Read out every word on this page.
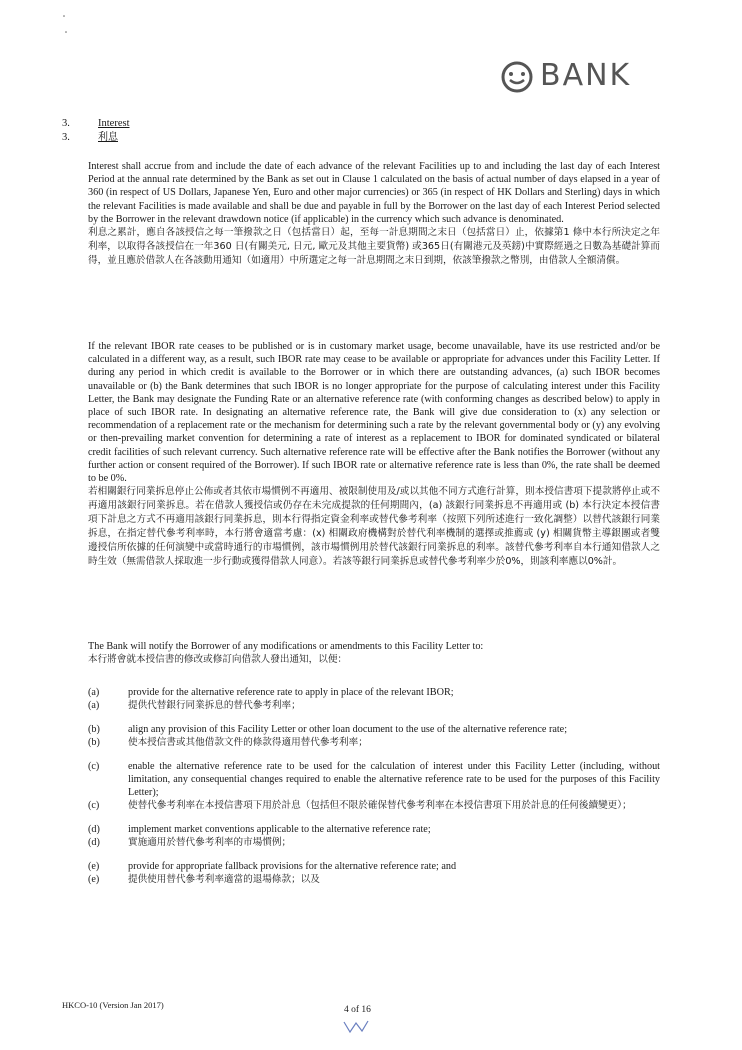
BANK
3.	Interest
3.	利息

Interest shall accrue from and include the date of each advance of the relevant Facilities up to and including the last day of each Interest Period at the annual rate determined by the Bank as set out in Clause 1 calculated on the basis of actual number of days elapsed in a year of 360 (in respect of US Dollars, Japanese Yen, Euro and other major currencies) or 365 (in respect of HK Dollars and Sterling) days in which the relevant Facilities is made available and shall be due and payable in full by the Borrower on the last day of each Interest Period selected by the Borrower in the relevant drawdown notice (if applicable) in the currency which such advance is denominated.

利息之累計，應自各該授信之每一筆撥款之日（包括當日）起，至每一計息期間之末日（包括當日）止，依據第1 條中本行所決定之年利率，以取得各該授信在一年360 日(有關美元, 日元, 歐元及其他主要貨幣) 或365日(有關港元及英鎊)中實際經過之日數為基礎計算而得，並且應於借款人在各該動用通知（如適用）中所選定之每一計息期間之末日到期，依該筆撥款之幣別，由借款人全額清償。

If the relevant IBOR rate ceases to be published or is in customary market usage, become unavailable, have its use restricted and/or be calculated in a different way, as a result, such IBOR rate may cease to be available or appropriate for advances under this Facility Letter. If during any period in which credit is available to the Borrower or in which there are outstanding advances, (a) such IBOR becomes unavailable or (b) the Bank determines that such IBOR is no longer appropriate for the purpose of calculating interest under this Facility Letter, the Bank may designate the Funding Rate or an alternative reference rate (with conforming changes as described below) to apply in place of such IBOR rate. In designating an alternative reference rate, the Bank will give due consideration to (x) any selection or recommendation of a replacement rate or the mechanism for determining such a rate by the relevant governmental body or (y) any evolving or then-prevailing market convention for determining a rate of interest as a replacement to IBOR for dominated syndicated or bilateral credit facilities of such relevant currency. Such alternative reference rate will be effective after the Bank notifies the Borrower (without any further action or consent required of the Borrower). If such IBOR rate or alternative reference rate is less than 0%, the rate shall be deemed to be 0%.

若相關銀行同業拆息停止公佈或者其依市場慣例不再適用、被限制使用及/或以其他不同方式進行計算，則本授信書項下提款將停止或不再適用該銀行同業拆息。若在借款人獲授信或仍存在未完成提款的任何期間內，(a) 該銀行同業拆息不再適用或 (b) 本行決定本授信書項下計息之方式不再適用該銀行同業拆息，則本行得指定資金利率或替代參考利率（按照下列所述進行一致化調整）以替代該銀行同業拆息，在指定替代參考利率時，本行將會適當考慮：(x) 相關政府機構對於替代利率機制的選擇或推薦或 (y) 相關貨幣主導銀團或者雙邊授信所依據的任何演變中或當時通行的市場慣例，該市場慣例用於替代該銀行同業拆息的利率。該替代參考利率自本行通知借款人之時生效（無需借款人採取進一步行動或獲得借款人同意）。若該等銀行同業拆息或替代參考利率少於0%，則該利率應以0%計。

The Bank will notify the Borrower of any modifications or amendments to this Facility Letter to:

本行將會就本授信書的修改或修訂向借款人發出通知，以便：

(a)	provide for the alternative reference rate to apply in place of the relevant IBOR;
(a)	提供代替銀行同業拆息的替代參考利率；
(b)	align any provision of this Facility Letter or other loan document to the use of the alternative reference rate;
(b)	使本授信書或其他借款文件的條款得適用替代參考利率；
(c)	enable the alternative reference rate to be used for the calculation of interest under this Facility Letter (including, without limitation, any consequential changes required to enable the alternative reference rate to be used for the purposes of this Facility Letter);
(c)	使替代參考利率在本授信書項下用於計息（包括但不限於確保替代參考利率在本授信書項下用於計息的任何後續變更）；
(d)	implement market conventions applicable to the alternative reference rate;
(d)	實施適用於替代參考利率的市場慣例；
(e)	provide for appropriate fallback provisions for the alternative reference rate; and
(e)	提供使用替代參考利率適當的退場條款；以及
HKCO-10 (Version Jan 2017)	4 of 16
